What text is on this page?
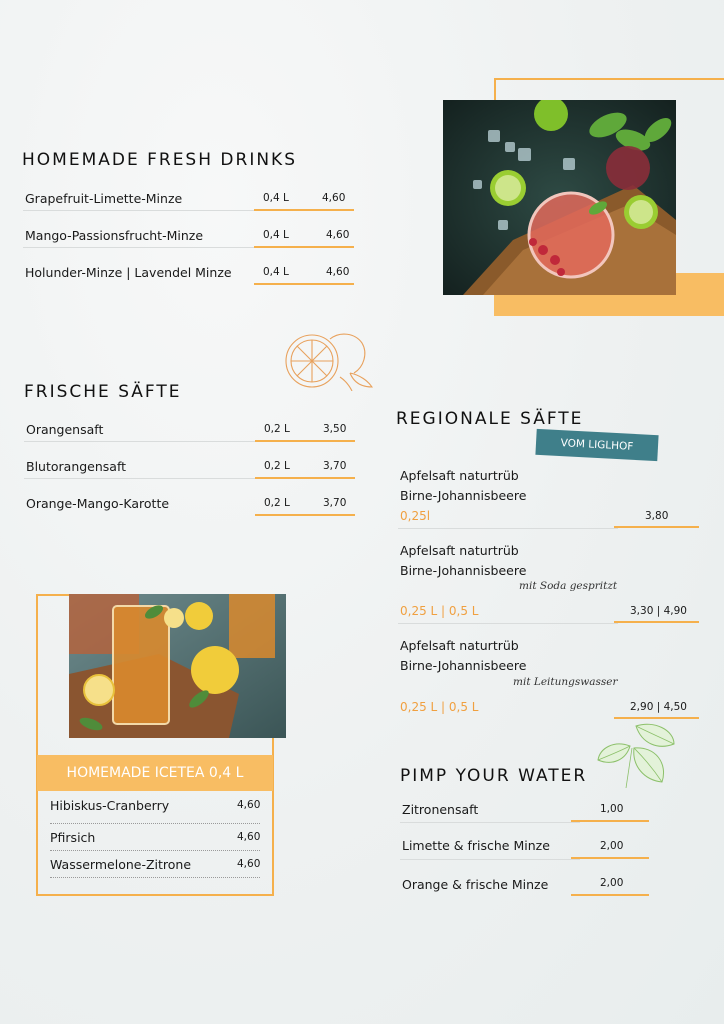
HOMEMADE FRESH DRINKS
Grapefruit-Limette-Minze	0,4 L	4,60
Mango-Passionsfrucht-Minze	0,4 L	4,60
Holunder-Minze | Lavendel Minze	0,4 L	4,60
FRISCHE SÄFTE
Orangensaft	0,2 L	3,50
Blutorangensaft	0,2 L	3,70
Orange-Mango-Karotte	0,2 L	3,70
REGIONALE SÄFTE
VOM LIGLHOF
Apfelsaft naturtrüb
Birne-Johannisbeere
0,25l	3,80
Apfelsaft naturtrüb
Birne-Johannisbeere
mit Soda gespritzt
0,25 L | 0,5 L	3,30 | 4,90
Apfelsaft naturtrüb
Birne-Johannisbeere
mit Leitungswasser
0,25 L | 0,5 L	2,90 | 4,50
PIMP YOUR WATER
Zitronensaft	1,00
Limette & frische Minze	2,00
Orange & frische Minze	2,00
HOMEMADE ICETEA 0,4 L
Hibiskus-Cranberry	4,60
Pfirsich	4,60
Wassermelone-Zitrone	4,60
